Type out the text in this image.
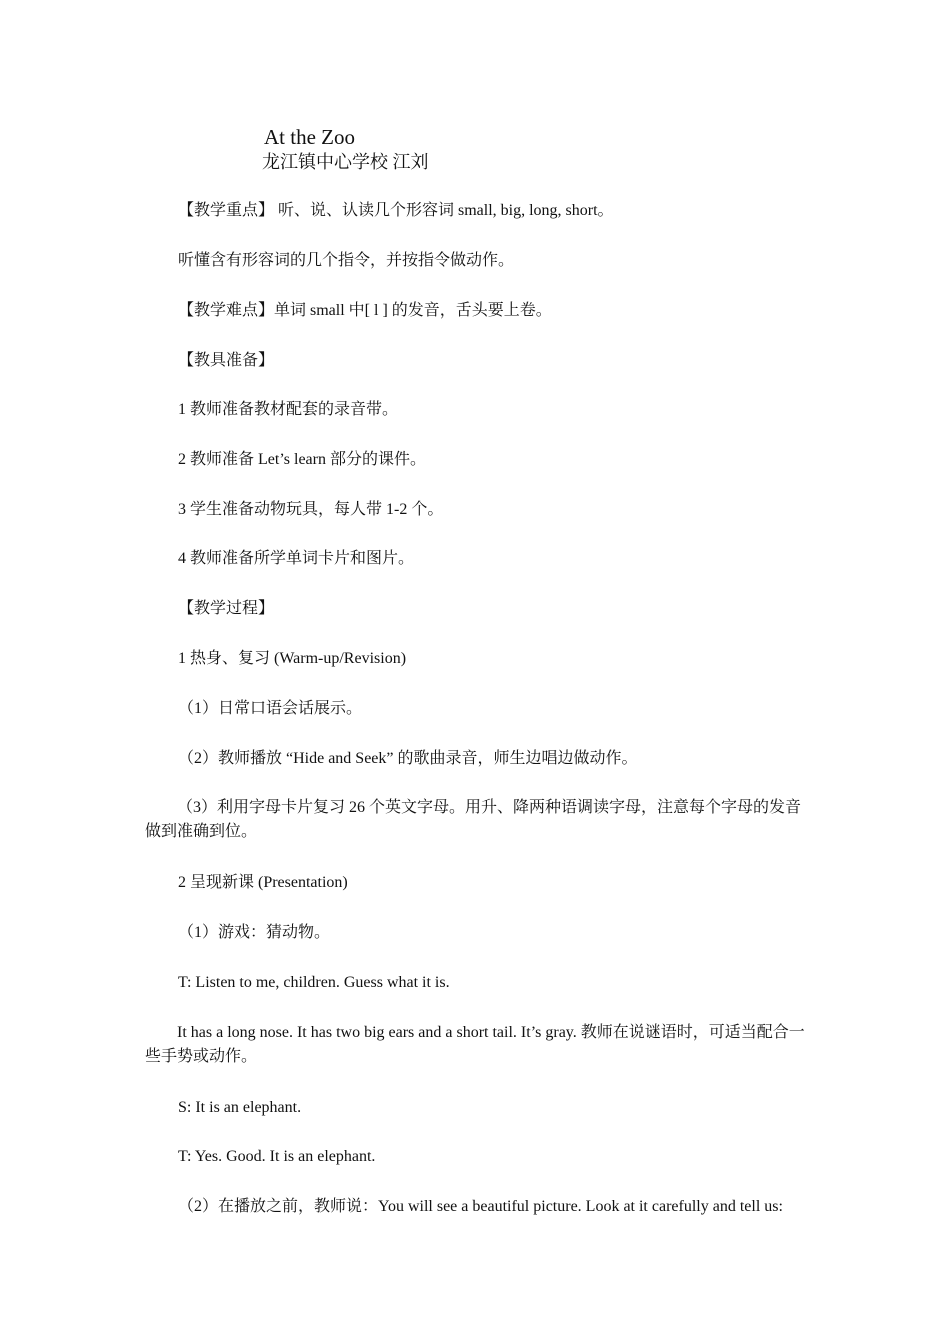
At the Zoo
龙江镇中心学校 江刘
【教学重点】 听、说、认读几个形容词 small, big, long, short。
听懂含有形容词的几个指令，并按指令做动作。
【教学难点】单词 small 中[ l ] 的发音，舌头要上卷。
【教具准备】
1 教师准备教材配套的录音带。
2 教师准备 Let’s learn 部分的课件。
3 学生准备动物玩具，每人带 1-2 个。
4 教师准备所学单词卡片和图片。
【教学过程】
1 热身、复习 (Warm-up/Revision)
（1）日常口语会话展示。
（2）教师播放 “Hide and Seek” 的歌曲录音，师生边唱边做动作。
（3）利用字母卡片复习 26 个英文字母。用升、降两种语调读字母，注意每个字母的发音做到准确到位。
2 呈现新课 (Presentation)
（1）游戏：猜动物。
T: Listen to me, children. Guess what it is.
It has a long nose. It has two big ears and a short tail. It’s gray. 教师在说谜语时，可适当配合一些手势或动作。
S: It is an elephant.
T: Yes. Good. It is an elephant.
（2）在播放之前，教师说：You will see a beautiful picture. Look at it carefully and tell us:
